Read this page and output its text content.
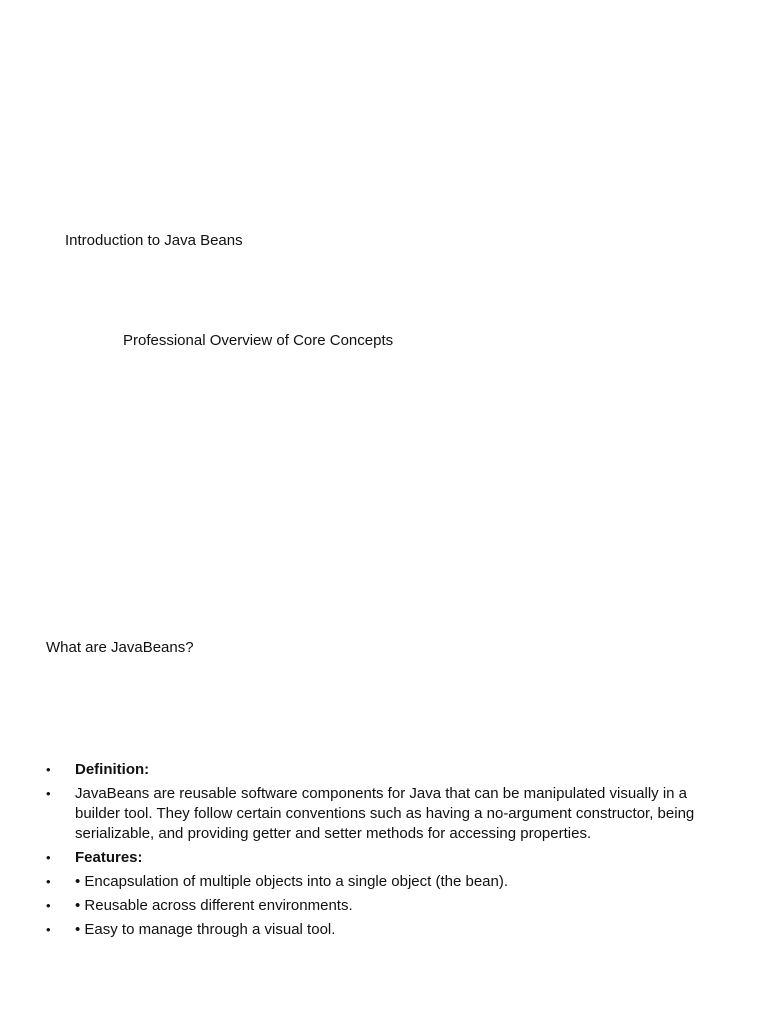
Introduction to Java Beans
Professional Overview of Core Concepts
What are JavaBeans?
•	Definition:
•	JavaBeans are reusable software components for Java that can be manipulated visually in a builder tool. They follow certain conventions such as having a no-argument constructor, being serializable, and providing getter and setter methods for accessing properties.
•	Features:
•	• Encapsulation of multiple objects into a single object (the bean).
•	• Reusable across different environments.
•	• Easy to manage through a visual tool.
